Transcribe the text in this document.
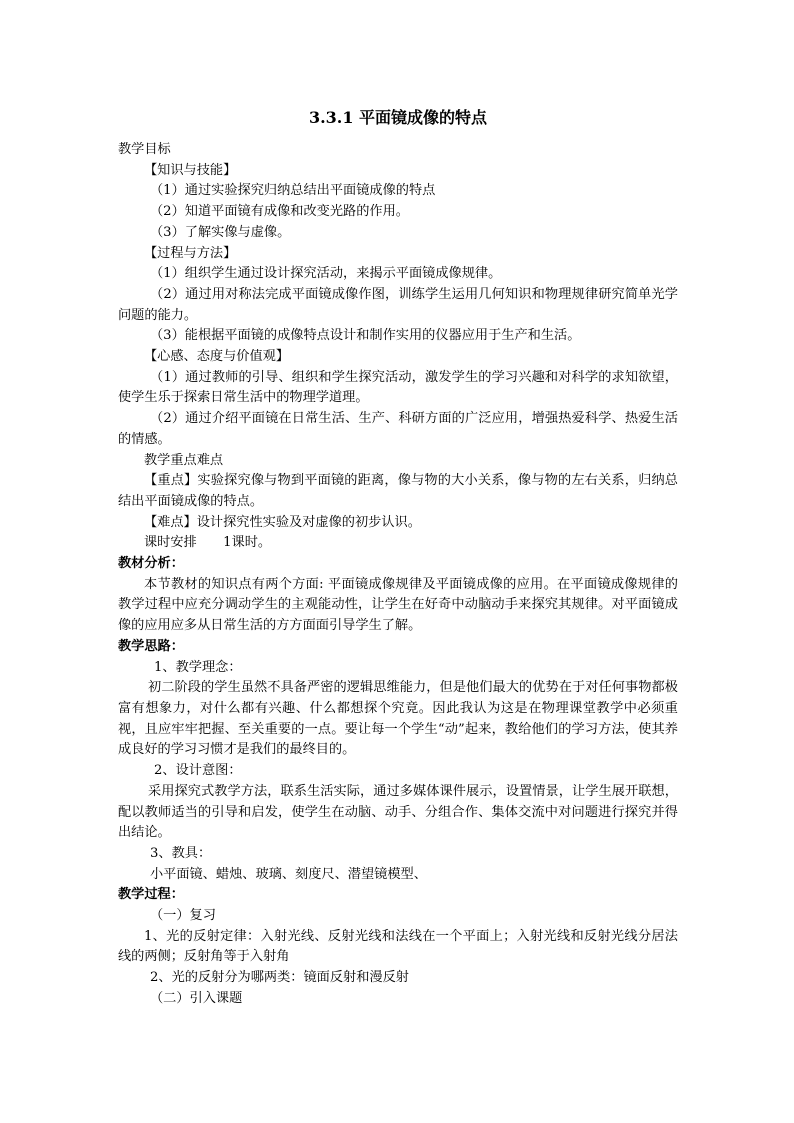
3.3.1 平面镜成像的特点

教学目标

【知识与技能】

（1）通过实验探究归纳总结出平面镜成像的特点

（2）知道平面镜有成像和改变光路的作用。

（3）了解实像与虚像。

【过程与方法】

（1）组织学生通过设计探究活动，来揭示平面镜成像规律。

（2）通过用对称法完成平面镜成像作图，训练学生运用几何知识和物理规律研究简单光学问题的能力。

（3）能根据平面镜的成像特点设计和制作实用的仪器应用于生产和生活。

【心感、态度与价值观】

（1）通过教师的引导、组织和学生探究活动，激发学生的学习兴趣和对科学的求知欲望，使学生乐于探索日常生活中的物理学道理。

（2）通过介绍平面镜在日常生活、生产、科研方面的广泛应用，增强热爱科学、热爱生活的情感。

教学重点难点

【重点】实验探究像与物到平面镜的距离，像与物的大小关系，像与物的左右关系，归纳总结出平面镜成像的特点。

【难点】设计探究性实验及对虚像的初步认识。

课时安排　　1课时。

教材分析：

本节教材的知识点有两个方面: 平面镜成像规律及平面镜成像的应用。在平面镜成像规律的教学过程中应充分调动学生的主观能动性，让学生在好奇中动脑动手来探究其规律。对平面镜成像的应用应多从日常生活的方方面面引导学生了解。

教学思路：

1、教学理念：

初二阶段的学生虽然不具备严密的逻辑思维能力，但是他们最大的优势在于对任何事物都极富有想象力，对什么都有兴趣、什么都想探个究竟。因此我认为这是在物理课堂教学中必须重视，且应牢牢把握、至关重要的一点。要让每一个学生“动”起来，教给他们的学习方法，使其养成良好的学习习惯才是我们的最终目的。

2、设计意图：

采用探究式教学方法，联系生活实际，通过多媒体课件展示，设置情景，让学生展开联想，配以教师适当的引导和启发，使学生在动脑、动手、分组合作、集体交流中对问题进行探究并得出结论。

3、教具：

小平面镜、蜡烛、玻璃、刻度尺、潜望镜模型、

教学过程：

（一）复习

1、光的反射定律：入射光线、反射光线和法线在一个平面上；入射光线和反射光线分居法线的两侧；反射角等于入射角

2、光的反射分为哪两类：镜面反射和漫反射

（二）引入课题
